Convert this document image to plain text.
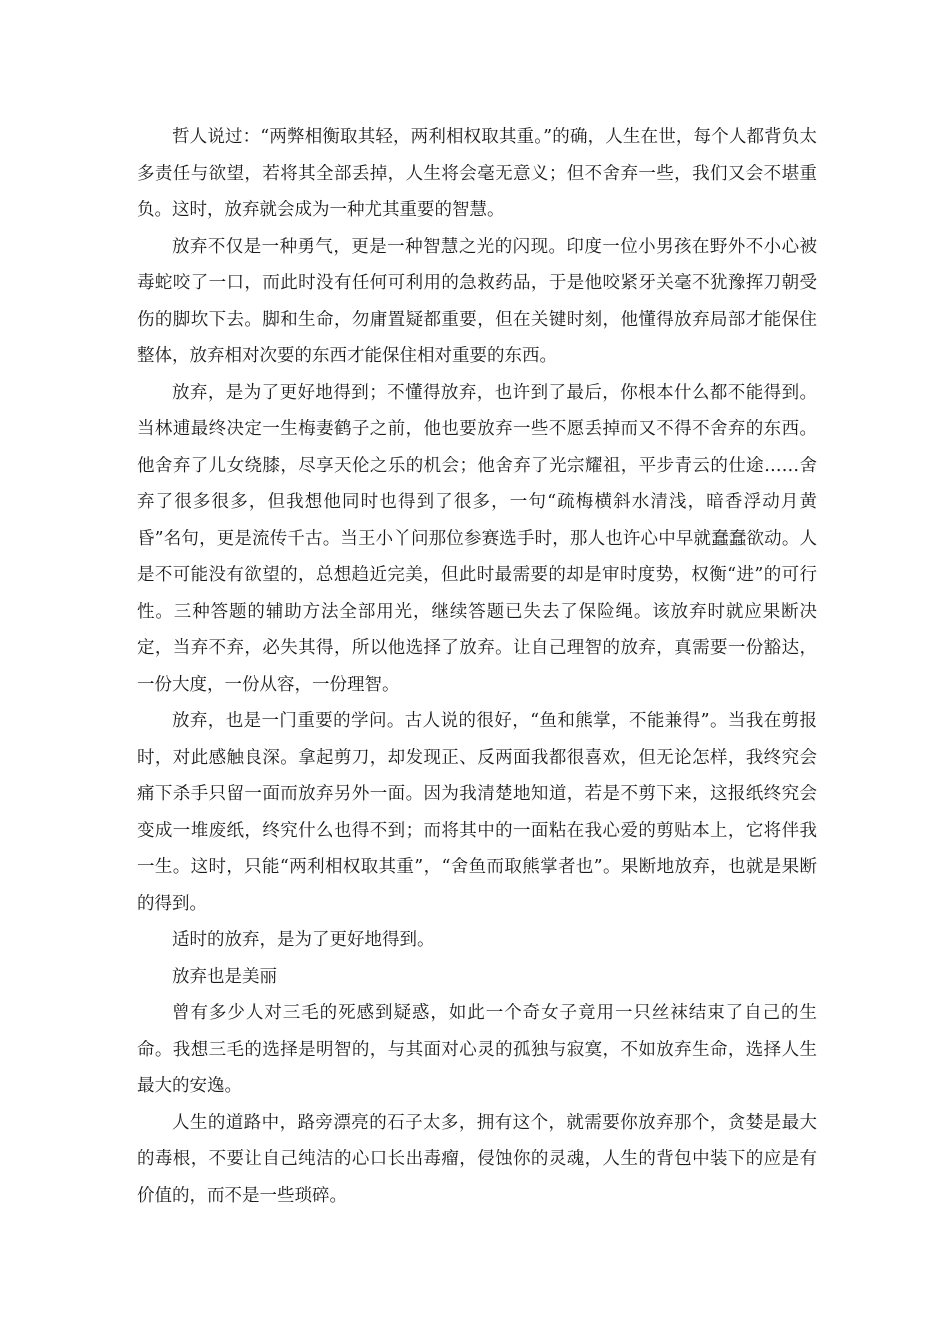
哲人说过：“两弊相衡取其轻，两利相权取其重。”的确，人生在世，每个人都背负太多责任与欲望，若将其全部丢掉，人生将会毫无意义；但不舍弃一些，我们又会不堪重负。这时，放弃就会成为一种尤其重要的智慧。

放弃不仅是一种勇气，更是一种智慧之光的闪现。印度一位小男孩在野外不小心被毒蛇咬了一口，而此时没有任何可利用的急救药品，于是他咬紧牙关毫不犹豫挥刀朝受伤的脚坎下去。脚和生命，勿庸置疑都重要，但在关键时刻，他懂得放弃局部才能保住整体，放弃相对次要的东西才能保住相对重要的东西。

放弃，是为了更好地得到；不懂得放弃，也许到了最后，你根本什么都不能得到。当林逋最终决定一生梅妻鹤子之前，他也要放弃一些不愿丢掉而又不得不舍弃的东西。他舍弃了儿女绕膝，尽享天伦之乐的机会；他舍弃了光宗耀祖，平步青云的仕途……舍弃了很多很多，但我想他同时也得到了很多，一句“疏梅横斜水清浅，暗香浮动月黄昏”名句，更是流传千古。当王小丫问那位参赛选手时，那人也许心中早就蠢蠢欲动。人是不可能没有欲望的，总想趋近完美，但此时最需要的却是审时度势，权衡“进”的可行性。三种答题的辅助方法全部用光，继续答题已失去了保险绳。该放弃时就应果断决定，当弃不弃，必失其得，所以他选择了放弃。让自己理智的放弃，真需要一份豁达，一份大度，一份从容，一份理智。

放弃，也是一门重要的学问。古人说的很好，“鱼和熊掌，不能兼得”。当我在剪报时，对此感触良深。拿起剪刀，却发现正、反两面我都很喜欢，但无论怎样，我终究会痛下杀手只留一面而放弃另外一面。因为我清楚地知道，若是不剪下来，这报纸终究会变成一堆废纸，终究什么也得不到；而将其中的一面粘在我心爱的剪贴本上，它将伴我一生。这时，只能“两利相权取其重”，“舍鱼而取熊掌者也”。果断地放弃，也就是果断的得到。

适时的放弃，是为了更好地得到。

放弃也是美丽

曾有多少人对三毛的死感到疑惑，如此一个奇女子竟用一只丝袜结束了自己的生命。我想三毛的选择是明智的，与其面对心灵的孤独与寂寞，不如放弃生命，选择人生最大的安逸。

人生的道路中，路旁漂亮的石子太多，拥有这个，就需要你放弃那个，贪婪是最大的毒根，不要让自己纯洁的心口长出毒瘤，侵蚀你的灵魂，人生的背包中装下的应是有价值的，而不是一些琐碎。
